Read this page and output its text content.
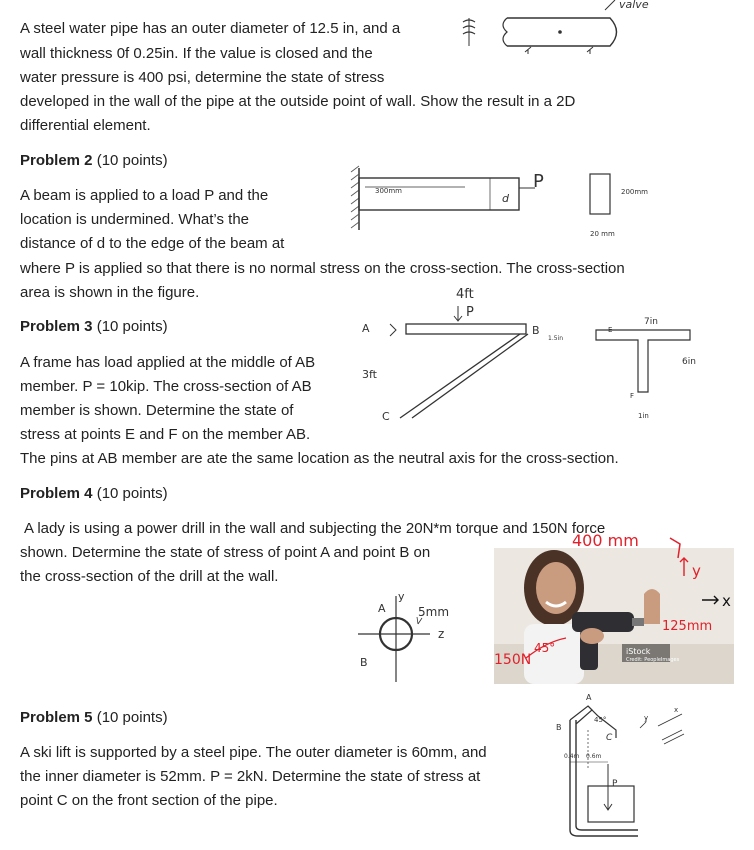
A steel water pipe has an outer diameter of 12.5 in, and a
wall thickness 0f 0.25in. If the value is closed and the
water pressure is 400 psi, determine the state of stress
developed in the wall of the pipe at the outside point of wall. Show the result in a 2D
differential element.
valve
Problem 2 (10 points)
A beam is applied to a load P and the
location is undermined. What’s the
distance of d to the edge of the beam at
where P is applied so that there is no normal stress on the cross-section. The cross-section
area is shown in the figure.
300mm	P
d	200mm
20 mm
Problem 3 (10 points)
A frame has load applied at the middle of AB
member. P = 10kip. The cross-section of AB
member is shown. Determine the state of
stress at points E and F on the member AB.
The pins at AB member are ate the same location as the neutral axis for the cross-section.
4ft
P
A	B
3ft
C
1.5in
E
7in
6in
F
1in
Problem 4 (10 points)
A lady is using a power drill in the wall and subjecting the 20N*m torque and 150N force
shown. Determine the state of stress of point A and point B on
the cross-section of the drill at the wall.
A
y
5mm
z
B
iStock
Credit: PeopleImages
400 mm
y
x
125mm
150N
45°
Problem 5 (10 points)
A ski lift is supported by a steel pipe. The outer diameter is 60mm, and
the inner diameter is 52mm. P = 2kN. Determine the state of stress at
point C on the front section of the pipe.
A
B
45°
C
0.4m 0.6m
P
y
x
